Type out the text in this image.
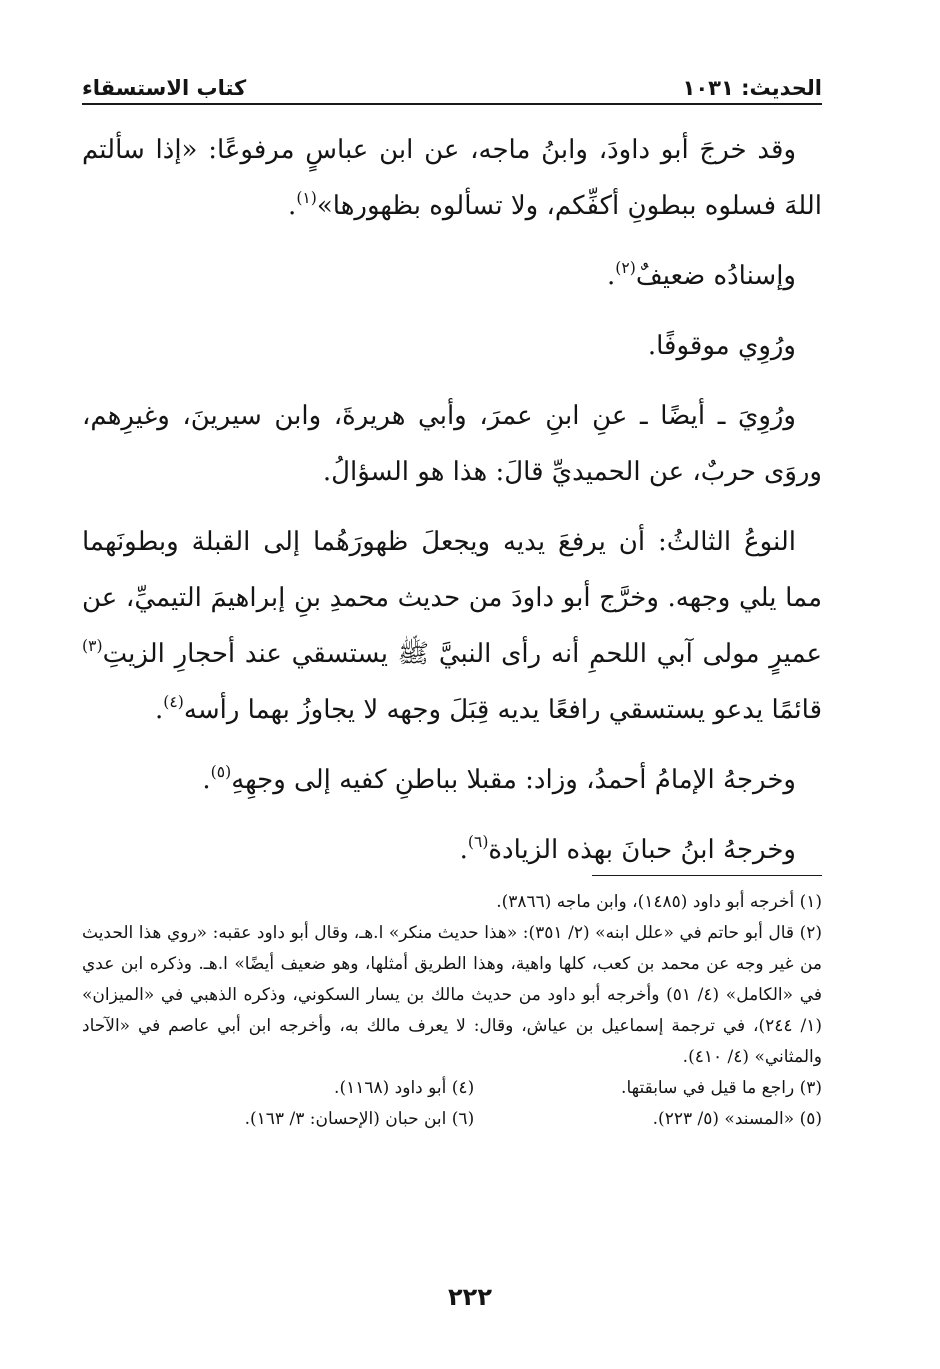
الحديث: ١٠٣١
كتاب الاستسقاء

وقد خرجَ أبو داودَ، وابنُ ماجه، عن ابن عباسٍ مرفوعًا: «إذا سألتم اللهَ فسلوه ببطونِ أكفِّكم، ولا تسألوه بظهورها»$^{(١)}$.

وإسنادُه ضعيفٌ$^{(٢)}$.

ورُوِي موقوفًا.

ورُوِيَ ـ أيضًا ـ عنِ ابنِ عمرَ، وأبي هريرةَ، وابن سيرينَ، وغيرِهم، وروَى حربٌ، عن الحميديِّ قالَ: هذا هو السؤالُ.

النوعُ الثالثُ: أن يرفعَ يديه ويجعلَ ظهورَهُما إلى القبلة وبطونَهما مما يلي وجهه. وخرَّج أبو داودَ من حديث محمدِ بنِ إبراهيمَ التيميِّ، عن عميرٍ مولى آبي اللحمِ أنه رأى النبيَّ ﷺ يستسقي عند أحجارِ الزيتِ$^{(٣)}$ قائمًا يدعو يستسقي رافعًا يديه قِبَلَ وجهه لا يجاوزُ بهما رأسه$^{(٤)}$.

وخرجهُ الإمامُ أحمدُ، وزاد: مقبلا بباطنِ كفيه إلى وجهِهِ$^{(٥)}$.

وخرجهُ ابنُ حبانَ بهذه الزيادة$^{(٦)}$.

(١) أخرجه أبو داود (١٤٨٥)، وابن ماجه (٣٨٦٦).

(٢) قال أبو حاتم في «علل ابنه» (٢/ ٣٥١): «هذا حديث منكر» ا.هـ، وقال أبو داود عقبه: «روي هذا الحديث من غير وجه عن محمد بن كعب، كلها واهية، وهذا الطريق أمثلها، وهو ضعيف أيضًا» ا.هـ. وذكره ابن عدي في «الكامل» (٤/ ٥١) وأخرجه أبو داود من حديث مالك بن يسار السكوني، وذكره الذهبي في «الميزان» (١/ ٢٤٤)، في ترجمة إسماعيل بن عياش، وقال: لا يعرف مالك به، وأخرجه ابن أبي عاصم في «الآحاد والمثاني» (٤/ ٤١٠).

(٣) راجع ما قيل في سابقتها.
(٤) أبو داود (١١٦٨).
(٥) «المسند» (٥/ ٢٢٣).
(٦) ابن حبان (الإحسان: ٣/ ١٦٣).
٢٢٢
